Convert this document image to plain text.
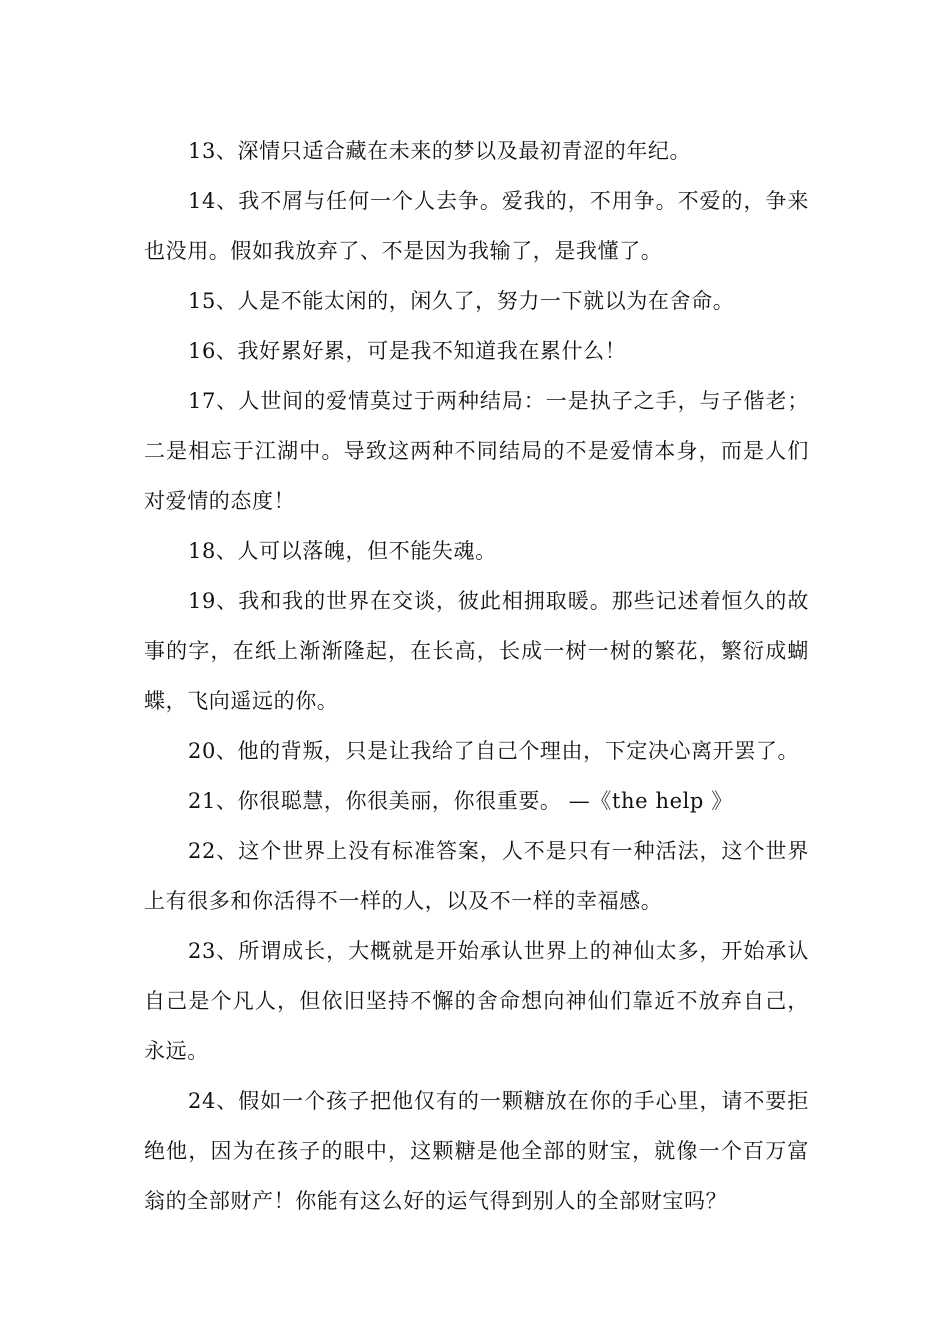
13、深情只适合藏在未来的梦以及最初青涩的年纪。

14、我不屑与任何一个人去争。爱我的，不用争。不爱的，争来也没用。假如我放弃了、不是因为我输了，是我懂了。

15、人是不能太闲的，闲久了，努力一下就以为在舍命。

16、我好累好累，可是我不知道我在累什么！

17、人世间的爱情莫过于两种结局：一是执子之手，与子偕老；二是相忘于江湖中。导致这两种不同结局的不是爱情本身，而是人们对爱情的态度！

18、人可以落魄，但不能失魂。

19、我和我的世界在交谈，彼此相拥取暖。那些记述着恒久的故事的字，在纸上渐渐隆起，在长高，长成一树一树的繁花，繁衍成蝴蝶，飞向遥远的你。

20、他的背叛，只是让我给了自己个理由，下定决心离开罢了。

21、你很聪慧，你很美丽，你很重要。 —《the help 》

22、这个世界上没有标准答案，人不是只有一种活法，这个世界上有很多和你活得不一样的人，以及不一样的幸福感。

23、所谓成长，大概就是开始承认世界上的神仙太多，开始承认自己是个凡人，但依旧坚持不懈的舍命想向神仙们靠近不放弃自己，永远。

24、假如一个孩子把他仅有的一颗糖放在你的手心里，请不要拒绝他，因为在孩子的眼中，这颗糖是他全部的财宝，就像一个百万富翁的全部财产！你能有这么好的运气得到别人的全部财宝吗？
